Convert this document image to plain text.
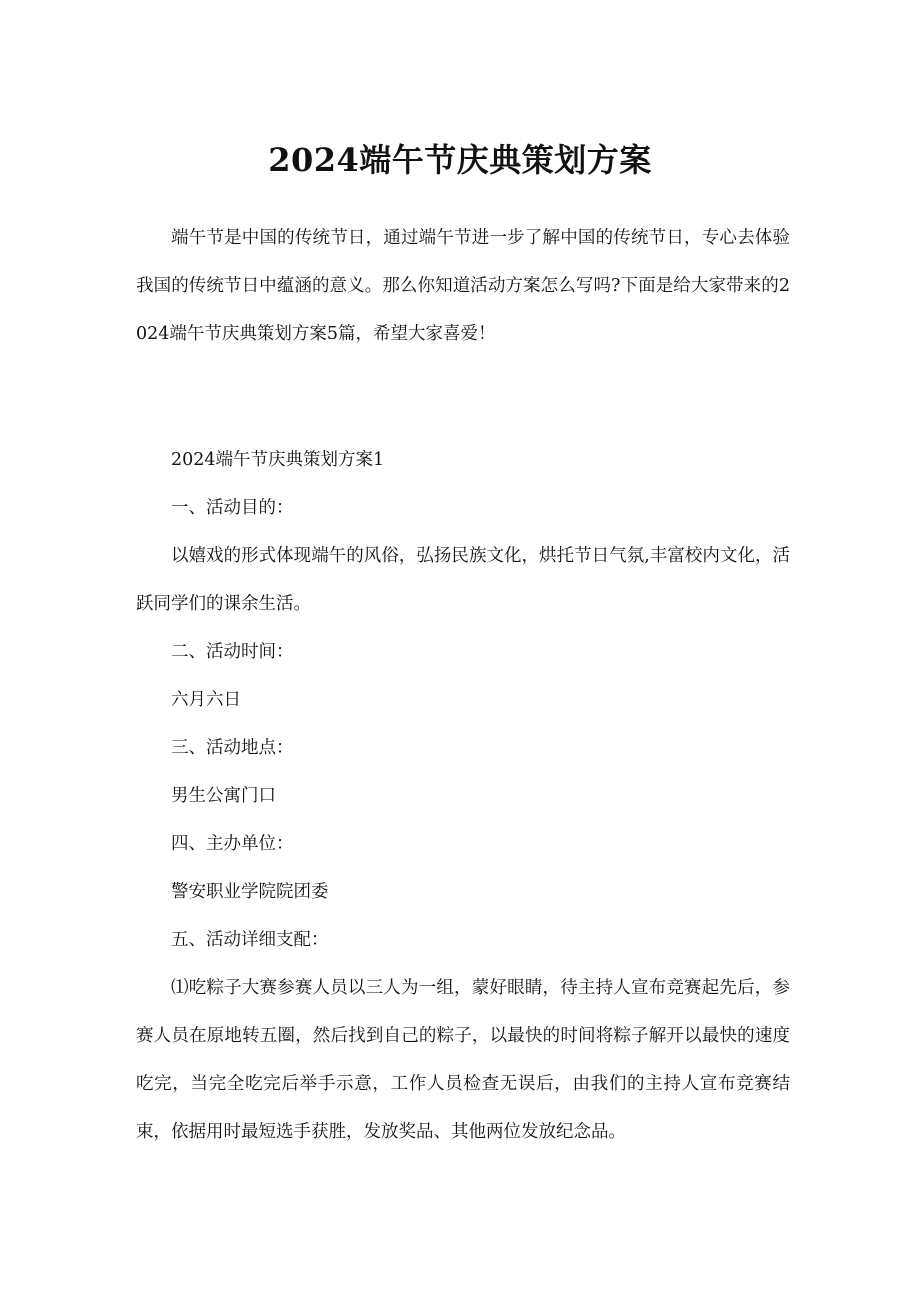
2024端午节庆典策划方案

端午节是中国的传统节日，通过端午节进一步了解中国的传统节日，专心去体验我国的传统节日中蕴涵的意义。那么你知道活动方案怎么写吗?下面是给大家带来的2024端午节庆典策划方案5篇，希望大家喜爱！

2024端午节庆典策划方案1

一、活动目的：

以嬉戏的形式体现端午的风俗，弘扬民族文化，烘托节日气氛,丰富校内文化，活跃同学们的课余生活。

二、活动时间：

六月六日

三、活动地点：

男生公寓门口

四、主办单位：

警安职业学院院团委

五、活动详细支配：

⑴吃粽子大赛参赛人员以三人为一组，蒙好眼睛，待主持人宣布竞赛起先后，参赛人员在原地转五圈，然后找到自己的粽子，以最快的时间将粽子解开以最快的速度吃完，当完全吃完后举手示意，工作人员检查无误后，由我们的主持人宣布竞赛结束，依据用时最短选手获胜，发放奖品、其他两位发放纪念品。
